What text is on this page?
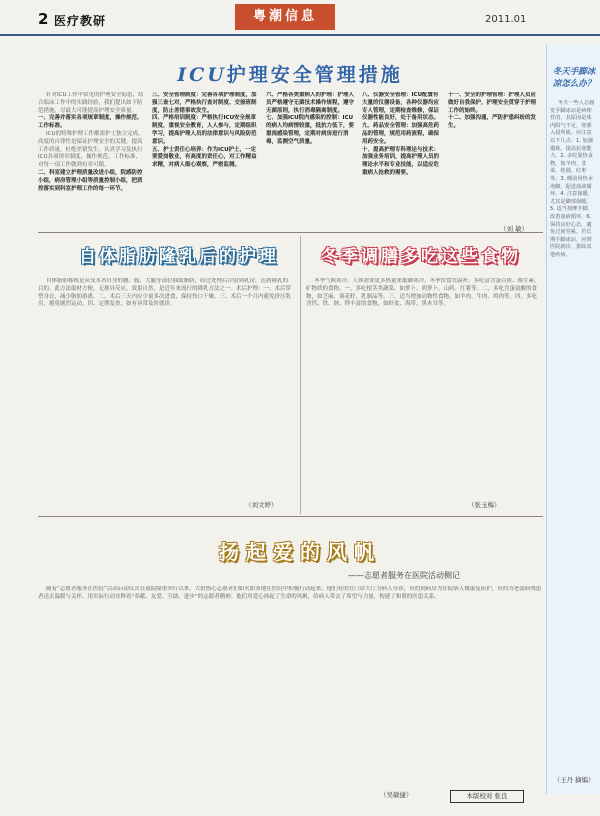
2 医疗教研	粤潮信息	2011.01
ICU护理安全管理措施
针对ICU工作中常见的护理安全隐患，结合临床工作中的实践经验，我们提出如下防范措施，尽最大可能提高护理安全质量。
一、完善并落实各项规章制度，操作规范、工作标准。
ICU的特殊护理工作都需护士独立完成，高度的自律性是保证护理安全的关键。提高工作质量，杜绝差错发生，认真学习及执行ICU各项规章制度、操作规范、工作标准，对每一项工作做到有章可循。
二、科室建立护理质量改进小组，院感防控小组，病房管理小组等质量控制小组，把质控落实到科室护理工作的每一环节。
三、安全管理制度：完善各项护理制度，加强三查七对，严格执行查对制度、交接班制度，防止差错事故发生。
四、严格培训制度：严格执行ICU安全规章制度，重视安全教育，人人参与，定期组织学习，提高护理人员的法律意识与风险防范意识。
五、护士责任心培养：作为ICU护士，一定要爱岗敬业，有高度的责任心，对工作精益求精，对病人细心观察，严密监测。
六、严格各类重病人的护理：护理人员严格遵守无菌技术操作规程，遵守无菌原则，执行消毒隔离制度。
七、加强ICU院内感染的控制：ICU的病人均病情较重，抵抗力低下，要重视感染管理，定期对病房进行消毒，监测空气质量。
八、仪器安全管理：ICU配置有大量的仪器设备，各种仪器均应专人管理，定期检查维修，保证仪器性能良好，处于备用状态。
九、药品安全管理：加强高危药品的管理，规范用药流程，确保用药安全。
十、提高护理专科理论与技术：加强业务培训，提高护理人员的理论水平和专业技能，以适应危重病人抢救的需要。
十一、安全的护理管理：护理人员应做好自我保护，护理安全贯穿于护理工作的始终。
十二、加强沟通，严防护患纠纷的发生。
（刘 敏）
自体脂肪隆乳后的护理	冬季调膳多吃这些食物
自体脂肪移植是从受术者自身的腰、腹、大腿等部位抽取脂肪，经过处理后注射到乳房，达到隆乳的目的。此方法取材方便，无排异反应，效果自然，是近年来流行的隆乳方法之一。术后护理：一、术后穿塑身衣，减少脂肪游离。二、术后三天内应少量多次进食，保持伤口干燥。三、术后一个月内避免挤压乳房，避免剧烈运动。四、定期复查，如有异常及时就诊。
（刘文婷）
冬季气候寒冷，人体需要更多热量来抵御寒冷。冬季饮食宜温补，多吃富含蛋白质、维生素、矿物质的食物。一、多吃根茎类蔬菜，如萝卜、胡萝卜、山药、红薯等。二、多吃含蛋氨酸的食物，如芝麻、葵花籽、乳制品等。三、适当增加动物性食物，如羊肉、牛肉、鸡肉等。四、多吃含钙、铁、钠、钾丰富的食物，如虾皮、海带、黑木耳等。
（张玉梅）
扬起爱的风帆
——志愿者服务在医院活动侧记
随着“志愿者服务在医院”活动启动仪式在我院隆重举行以来，大批热心志愿者们如火如荼地在医院中积极行动起来。他们有的在门诊大厅为病人导诊，有的到病房为住院病人做康复陪护，有的为老弱病残患者送去温暖与关怀，用实际行动诠释着“奉献、友爱、互助、进步”的志愿者精神。他们用爱心扬起了生命的风帆，给病人带去了希望与力量，构建了和谐的医患关系。
（吴敏捷）	本版校对 张良
冬天手脚冰凉怎么办？
冬天一些人总感觉手脚冰凉是病理性的，其原因是体内阳气不足，寒邪入侵所致。应注意以下几点：1. 加强锻炼，提高抗寒能力。2. 多吃温热食物，如羊肉、韭菜、桂圆、红枣等。3. 睡前用热水泡脚，促进血液循环。4. 注意保暖，尤其是脚部保暖。5. 适当按摩手脚，改善血液循环。6. 保持良好心态，避免过度劳累。若长期手脚冰凉，应到医院就诊，排除其他疾病。
（王丹 摘编）
